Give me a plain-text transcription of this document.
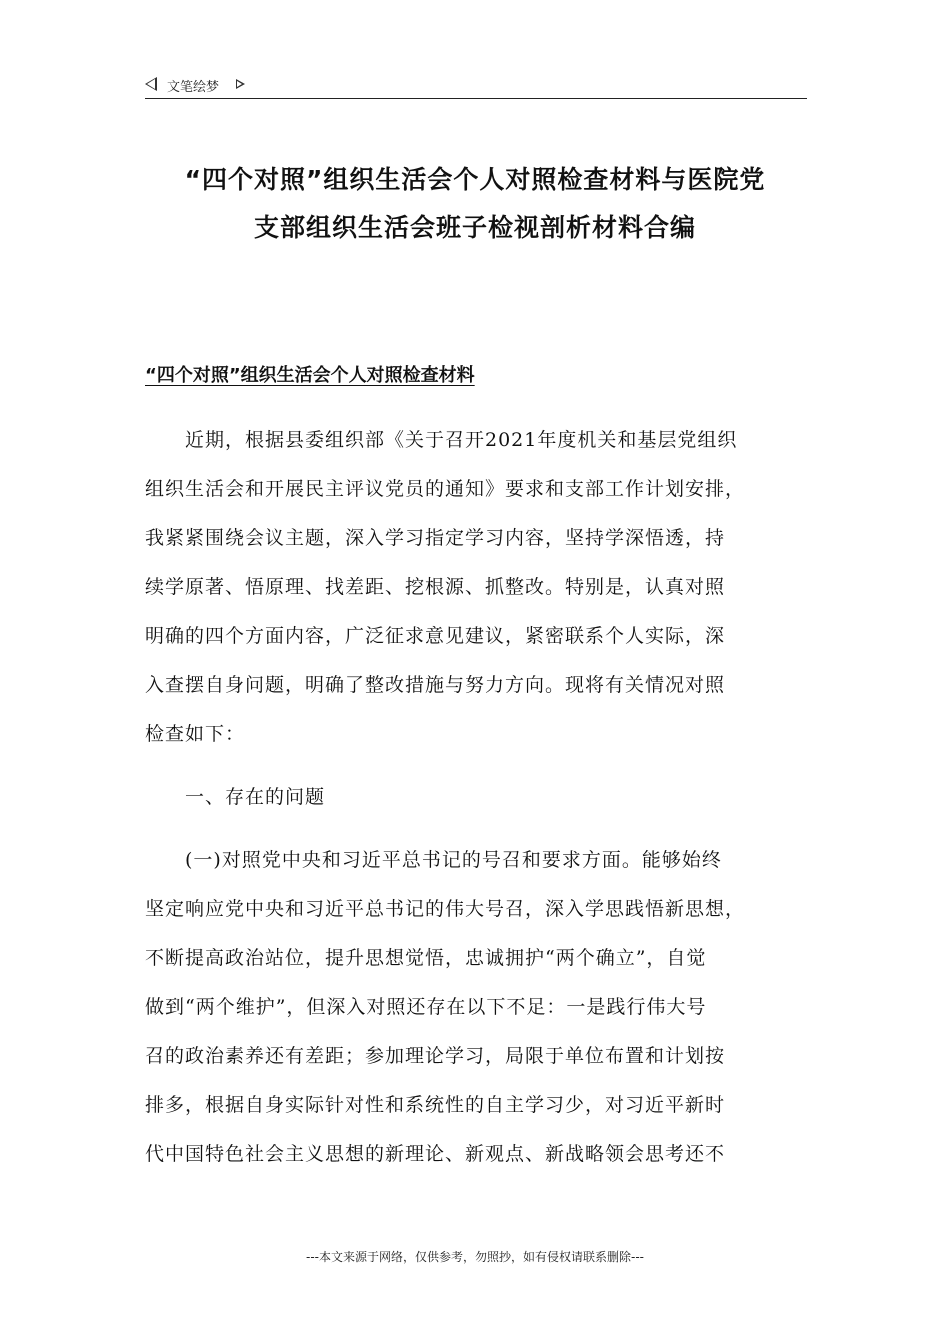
文笔绘梦
“四个对照”组织生活会个人对照检查材料与医院党
支部组织生活会班子检视剖析材料合编
“四个对照”组织生活会个人对照检查材料
　　近期，根据县委组织部《关于召开2021年度机关和基层党组织
组织生活会和开展民主评议党员的通知》要求和支部工作计划安排，
我紧紧围绕会议主题，深入学习指定学习内容，坚持学深悟透，持
续学原著、悟原理、找差距、挖根源、抓整改。特别是，认真对照
明确的四个方面内容，广泛征求意见建议，紧密联系个人实际，深
入查摆自身问题，明确了整改措施与努力方向。现将有关情况对照
检查如下：
　　一、存在的问题
　　(一)对照党中央和习近平总书记的号召和要求方面。能够始终
坚定响应党中央和习近平总书记的伟大号召，深入学思践悟新思想，
不断提高政治站位，提升思想觉悟，忠诚拥护“两个确立”，自觉
做到“两个维护”，但深入对照还存在以下不足：一是践行伟大号
召的政治素养还有差距；参加理论学习，局限于单位布置和计划按
排多，根据自身实际针对性和系统性的自主学习少，对习近平新时
代中国特色社会主义思想的新理论、新观点、新战略领会思考还不
---本文来源于网络，仅供参考，勿照抄，如有侵权请联系删除---
